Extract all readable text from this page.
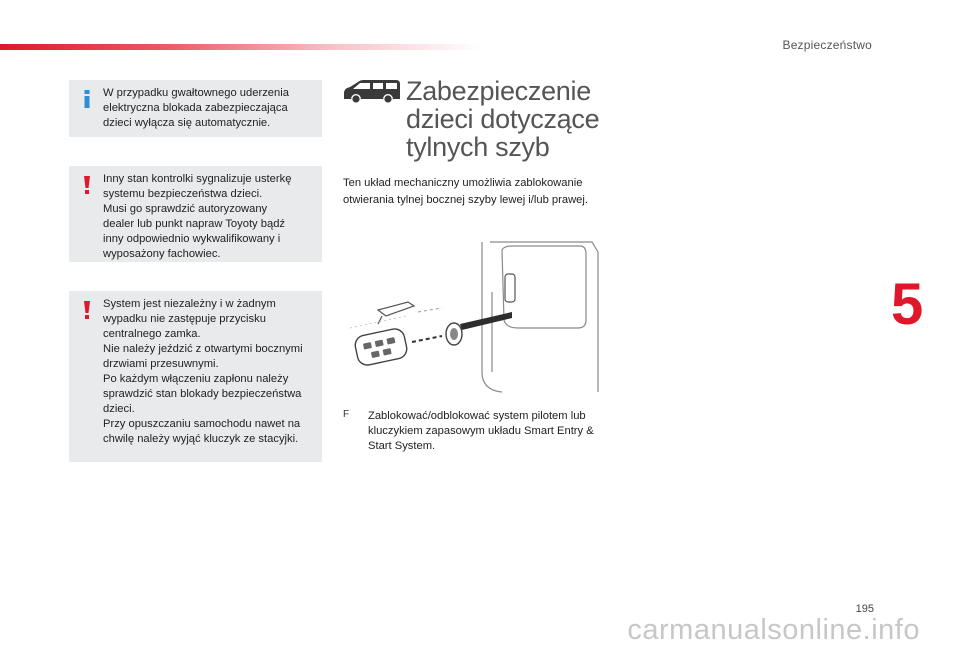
Bezpieczeństwo

W przypadku gwałtownego uderzenia
elektryczna blokada zabezpieczająca
dzieci wyłącza się automatycznie.

Inny stan kontrolki sygnalizuje usterkę
systemu bezpieczeństwa dzieci.
Musi go sprawdzić autoryzowany
dealer lub punkt napraw Toyoty bądź
inny odpowiednio wykwalifikowany i
wyposażony fachowiec.

System jest niezależny i w żadnym
wypadku nie zastępuje przycisku
centralnego zamka.
Nie należy jeździć z otwartymi bocznymi
drzwiami przesuwnymi.
Po każdym włączeniu zapłonu należy
sprawdzić stan blokady bezpieczeństwa
dzieci.
Przy opuszczaniu samochodu nawet na
chwilę należy wyjąć kluczyk ze stacyjki.

Zabezpieczenie
dzieci dotyczące
tylnych szyb

Ten układ mechaniczny umożliwia zablokowanie otwierania tylnej bocznej szyby lewej i/lub prawej.

F Zablokować/odblokować system pilotem lub kluczykiem zapasowym układu Smart Entry & Start System.

5
195
carmanualsonline.info
